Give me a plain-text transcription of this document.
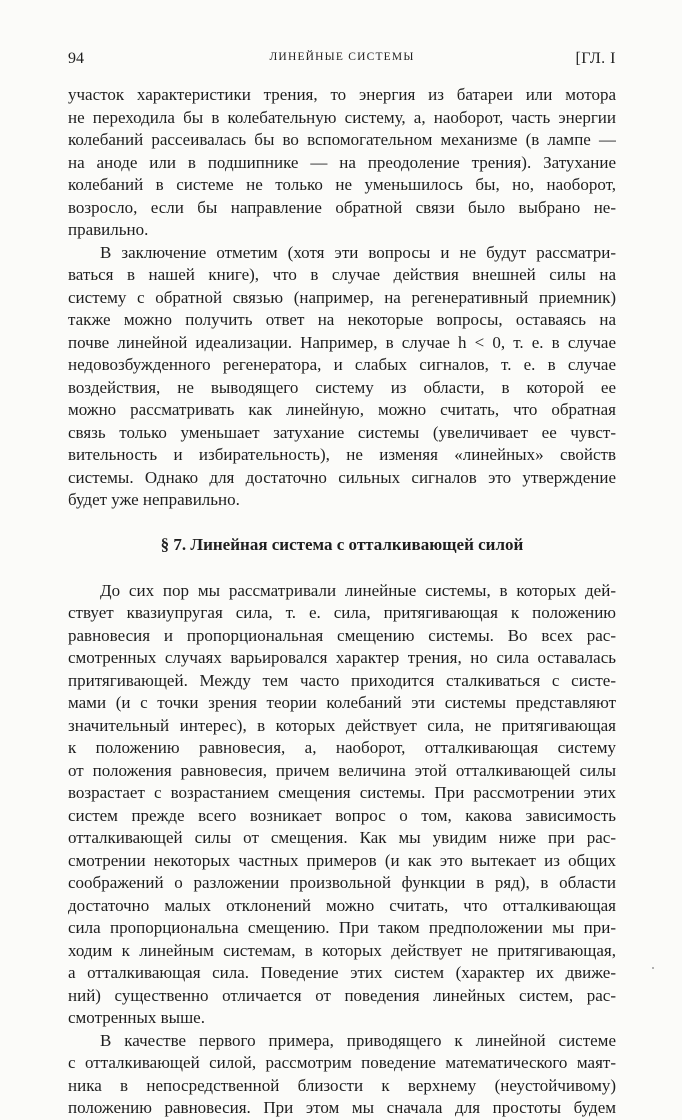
94	ЛИНЕЙНЫЕ СИСТЕМЫ	[ГЛ. I
участок характеристики трения, то энергия из батареи или мотора
не переходила бы в колебательную систему, а, наоборот, часть энергии
колебаний рассеивалась бы во вспомогательном механизме (в лампе —
на аноде или в подшипнике — на преодоление трения). Затухание
колебаний в системе не только не уменьшилось бы, но, наоборот,
возросло, если бы направление обратной связи было выбрано не-
правильно.
В заключение отметим (хотя эти вопросы и не будут рассматри-
ваться в нашей книге), что в случае действия внешней силы на
систему с обратной связью (например, на регенеративный приемник)
также можно получить ответ на некоторые вопросы, оставаясь на
почве линейной идеализации. Например, в случае h < 0, т. е. в случае
недовозбужденного регенератора, и слабых сигналов, т. е. в случае
воздействия, не выводящего систему из области, в которой ее
можно рассматривать как линейную, можно считать, что обратная
связь только уменьшает затухание системы (увеличивает ее чувст-
вительность и избирательность), не изменяя «линейных» свойств
системы. Однако для достаточно сильных сигналов это утверждение
будет уже неправильно.
§ 7. Линейная система с отталкивающей силой
До сих пор мы рассматривали линейные системы, в которых дей-
ствует квазиупругая сила, т. е. сила, притягивающая к положению
равновесия и пропорциональная смещению системы. Во всех рас-
смотренных случаях варьировался характер трения, но сила оставалась
притягивающей. Между тем часто приходится сталкиваться с систе-
мами (и с точки зрения теории колебаний эти системы представляют
значительный интерес), в которых действует сила, не притягивающая
к положению равновесия, а, наоборот, отталкивающая систему
от положения равновесия, причем величина этой отталкивающей силы
возрастает с возрастанием смещения системы. При рассмотрении этих
систем прежде всего возникает вопрос о том, какова зависимость
отталкивающей силы от смещения. Как мы увидим ниже при рас-
смотрении некоторых частных примеров (и как это вытекает из общих
соображений о разложении произвольной функции в ряд), в области
достаточно малых отклонений можно считать, что отталкивающая
сила пропорциональна смещению. При таком предположении мы при-
ходим к линейным системам, в которых действует не притягивающая,
а отталкивающая сила. Поведение этих систем (характер их движе-
ний) существенно отличается от поведения линейных систем, рас-
смотренных выше.
В качестве первого примера, приводящего к линейной системе
с отталкивающей силой, рассмотрим поведение математического маят-
ника в непосредственной близости к верхнему (неустойчивому)
положению равновесия. При этом мы сначала для простоты будем
